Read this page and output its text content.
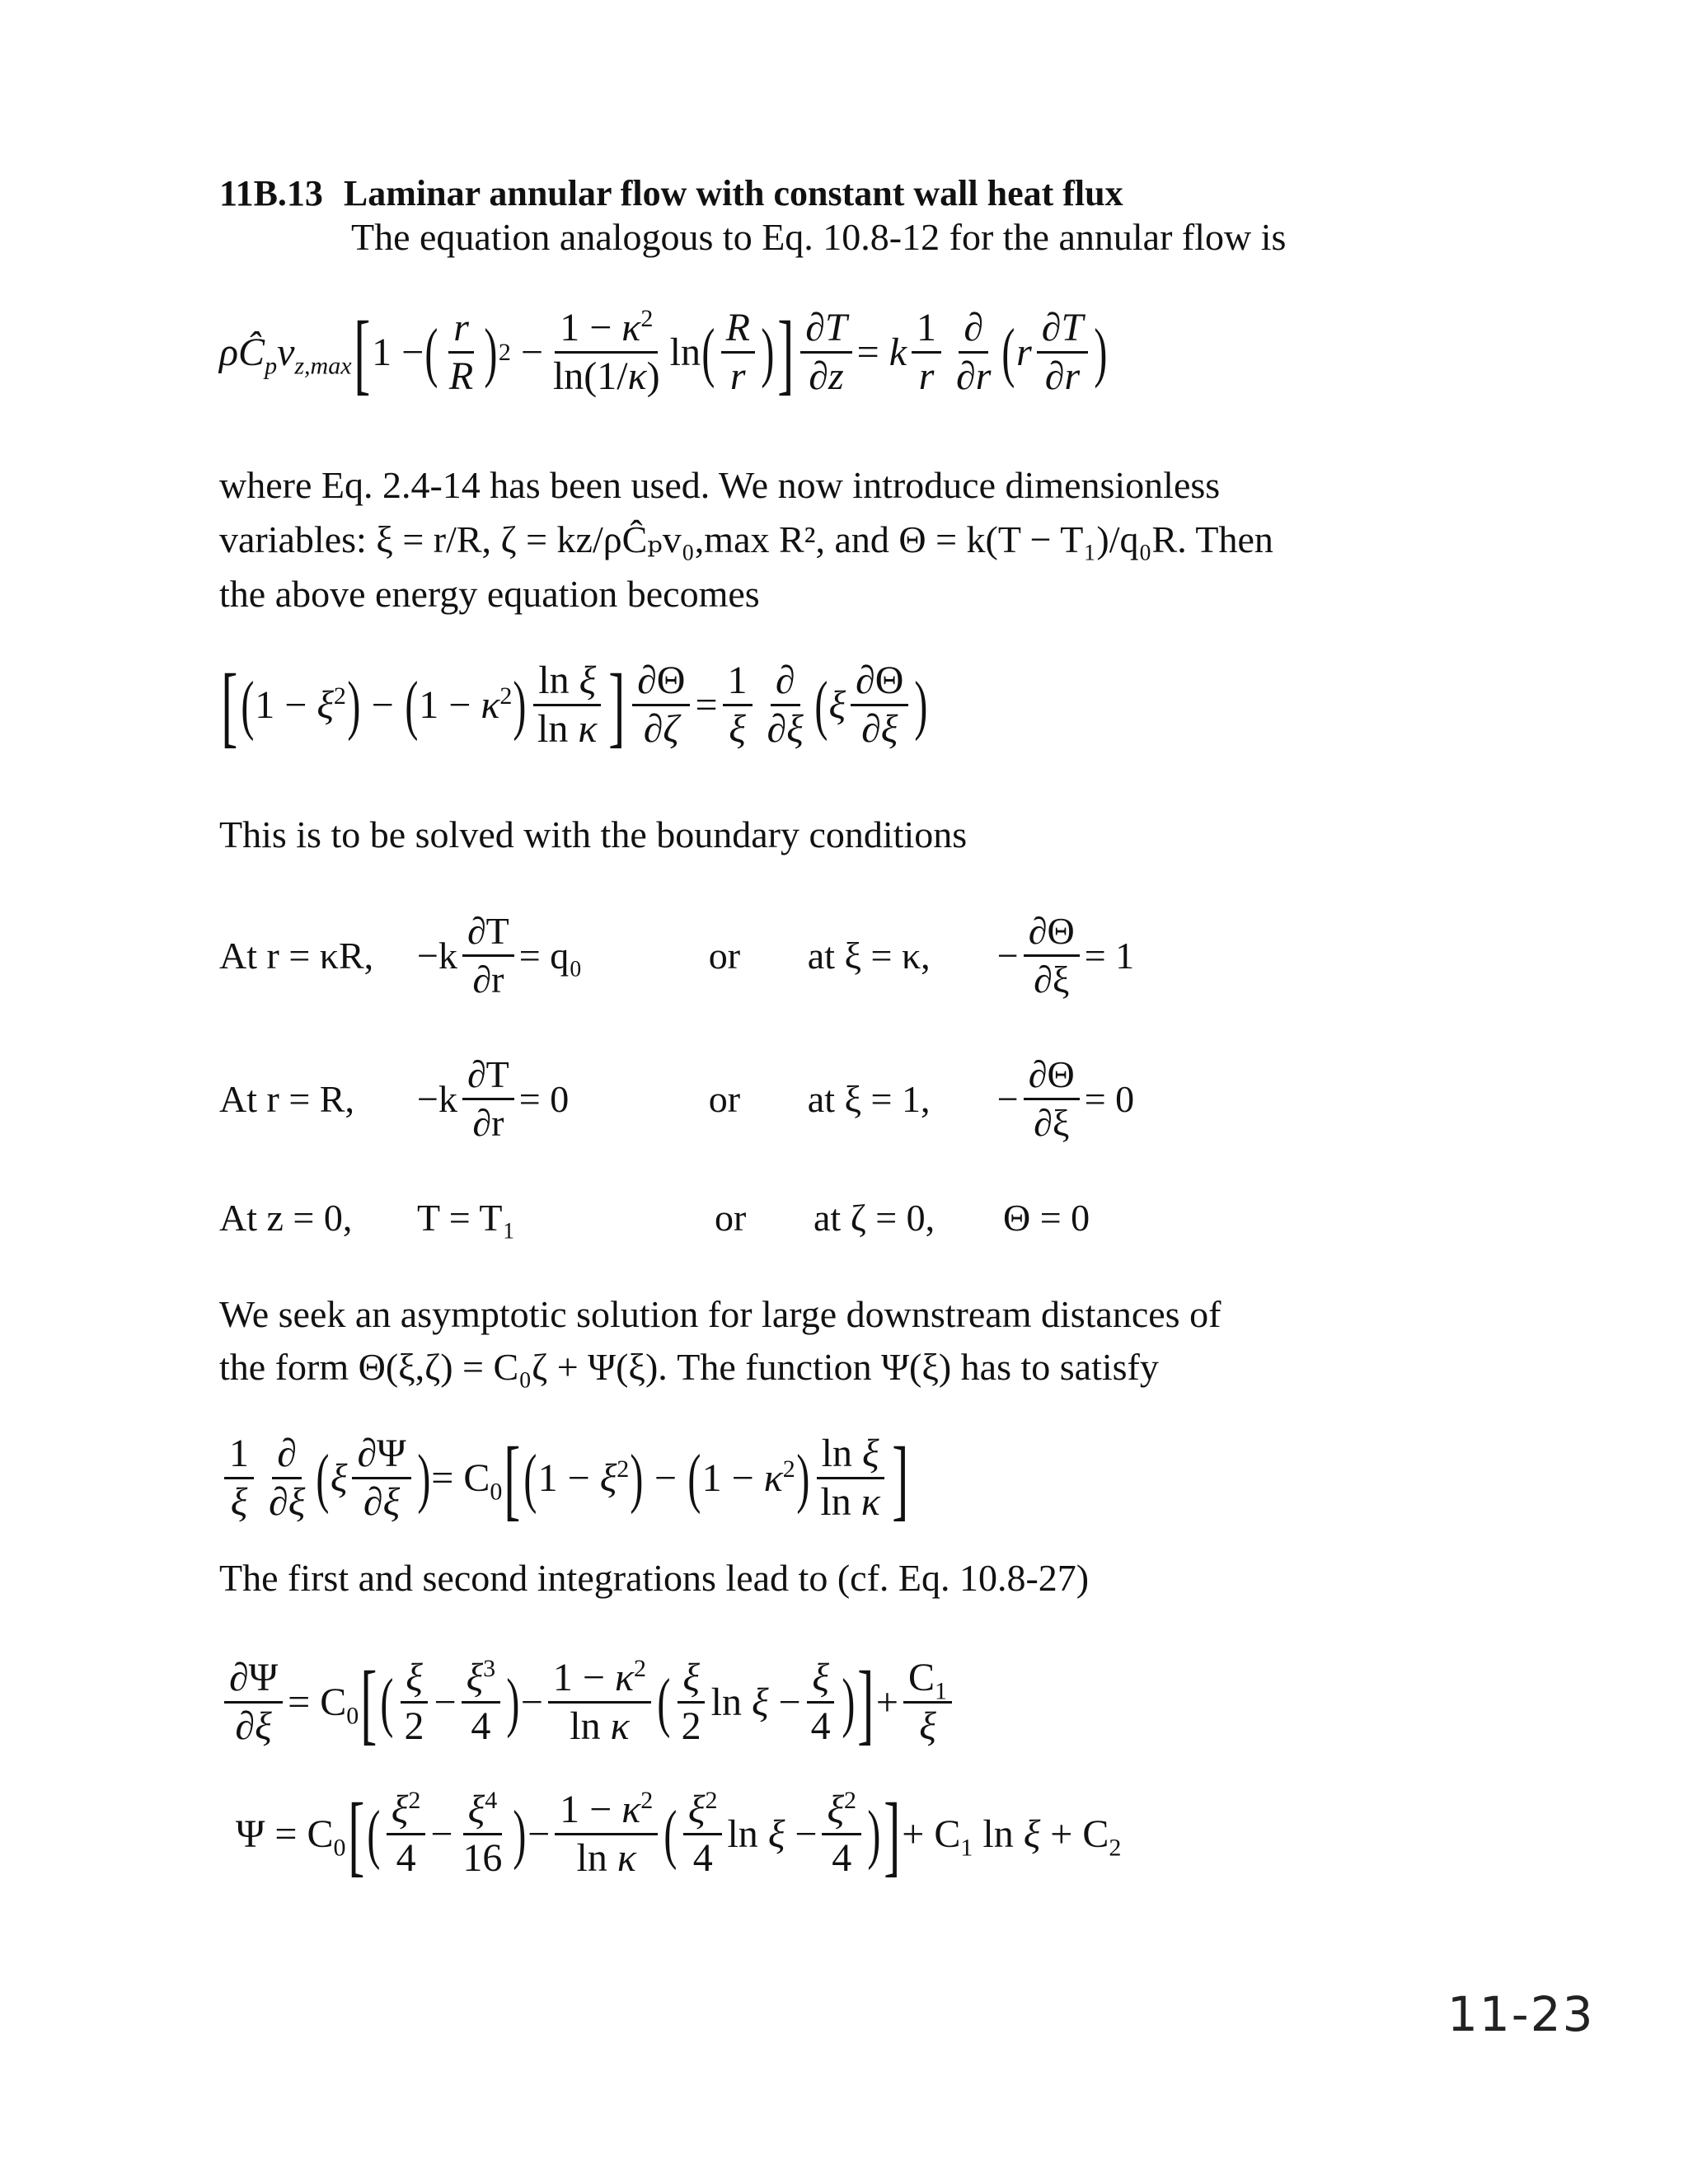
11B.13 Laminar annular flow with constant wall heat flux
The equation analogous to Eq. 10.8-12 for the annular flow is
$\rho Ĉ_pv_{z,max}$ [ 1 − ( $\frac{r}{R}$ ) $2 - \frac{1 - \kappa^2}{\ln(1/\kappa)}$ ln ( $\frac{R}{r}$ ) ] $\frac{\partial T}{\partial z} = k \frac{1}{r} \frac{\partial}{\partial r}$ ( r $\frac{\partial T}{\partial r}$ )
where Eq. 2.4-14 has been used. We now introduce dimensionless
variables: ξ = r/R, ζ = kz/ρĈₚv₀,max R², and Θ = k(T − T₁)/q₀R. Then
the above energy equation becomes
[ ( $1 - \xi^2$ ) − ( $1 - \kappa^2$ ) $\frac{\text{ln ξ}}{\text{ln κ}}$ ] $\frac{\partial\Theta}{\partial\zeta} = \frac{1}{\xi} \frac{\partial}{\partial\xi}$ ( ξ $\frac{\partial\Theta}{\partial\xi}$ )
This is to be solved with the boundary conditions
At r = κR,	$-k \frac{\partial T}{\partial r} = q_0$	or	at ξ = κ,	− $\frac{\partial\Theta}{\partial\xi} = 1$
At r = R,	$-k \frac{\partial T}{\partial r} = 0$	or	at ξ = 1,	− $\frac{\partial\Theta}{\partial\xi} = 0$
At z = 0,	T = T₁	or	at ζ = 0,	Θ = 0
We seek an asymptotic solution for large downstream distances of
the form Θ(ξ,ζ) = C₀ζ + Ψ(ξ). The function Ψ(ξ) has to satisfy
$\frac{1}{\xi} \frac{\partial}{\partial\xi}$ ( ξ $\frac{\partial\Psi}{\partial\xi}$ ) = $C_0$ [ ( $1 - \xi^2$ ) − ( $1 - \kappa^2$ ) $\frac{\text{ln ξ}}{\text{ln κ}}$ ]
The first and second integrations lead to (cf. Eq. 10.8-27)
$\frac{\partial\Psi}{\partial\xi} = C_0$ [ ( $\frac{\xi}{2} - \frac{\xi^3}{4}$ ) − $\frac{1 - \kappa^2}{\text{ln κ}}$ ( $\frac{\xi}{2}$ $\ln \xi - \frac{\xi}{4}$ ) ] + $\frac{C_1}{\xi}$
$\Psi = C_0$ [ ( $\frac{\xi^2}{4} - \frac{\xi^4}{16}$ ) − $\frac{1 - \kappa^2}{\text{ln κ}}$ ( $\frac{\xi^2}{4}$ $\ln \xi - \frac{\xi^2}{4}$ ) ] + $C_1$ $\ln \xi + C_2$
11-23
